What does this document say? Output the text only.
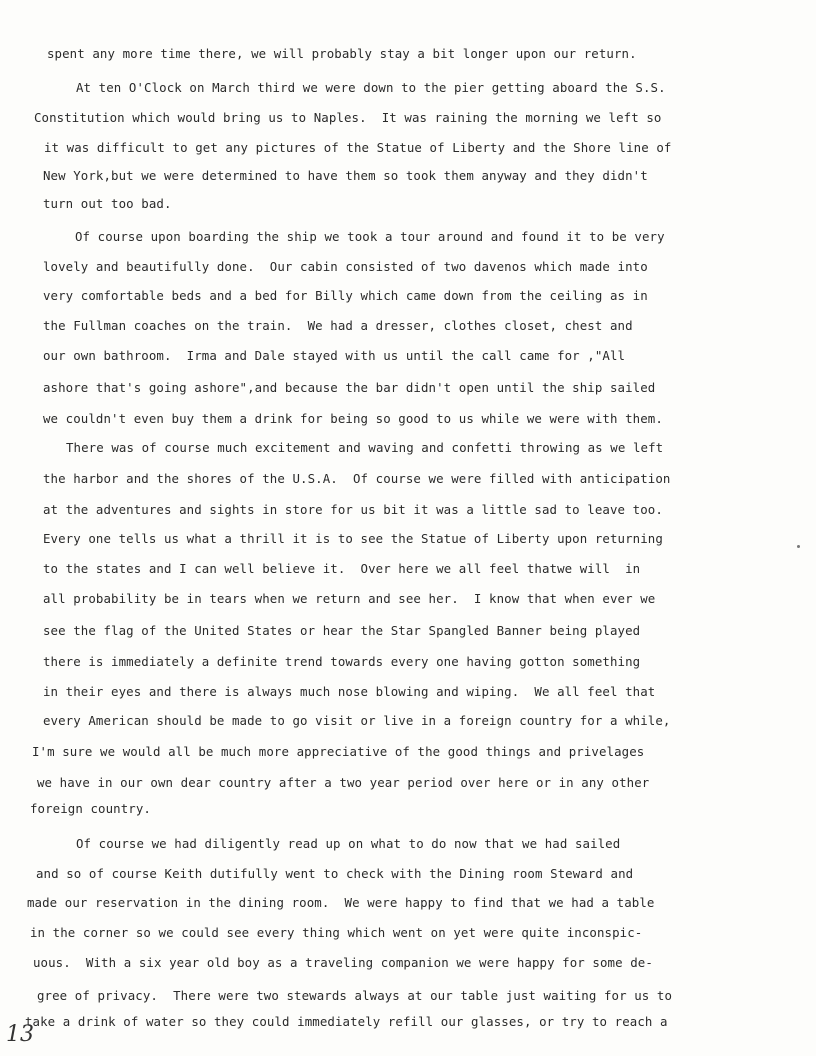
spent any more time there, we will probably stay a bit longer upon our return.
At ten O'Clock on March third we were down to the pier getting aboard the S.S.
Constitution which would bring us to Naples.  It was raining the morning we left so
it was difficult to get any pictures of the Statue of Liberty and the Shore line of
New York,but we were determined to have them so took them anyway and they didn't
turn out too bad.
Of course upon boarding the ship we took a tour around and found it to be very
lovely and beautifully done.  Our cabin consisted of two davenos which made into
very comfortable beds and a bed for Billy which came down from the ceiling as in
the Fullman coaches on the train.  We had a dresser, clothes closet, chest and
our own bathroom.  Irma and Dale stayed with us until the call came for ,"All
ashore that's going ashore",and because the bar didn't open until the ship sailed
we couldn't even buy them a drink for being so good to us while we were with them.
There was of course much excitement and waving and confetti throwing as we left
the harbor and the shores of the U.S.A.  Of course we were filled with anticipation
at the adventures and sights in store for us bit it was a little sad to leave too.
Every one tells us what a thrill it is to see the Statue of Liberty upon returning
to the states and I can well believe it.  Over here we all feel thatwe will  in
all probability be in tears when we return and see her.  I know that when ever we
see the flag of the United States or hear the Star Spangled Banner being played
there is immediately a definite trend towards every one having gotton something
in their eyes and there is always much nose blowing and wiping.  We all feel that
every American should be made to go visit or live in a foreign country for a while,
I'm sure we would all be much more appreciative of the good things and privelages
we have in our own dear country after a two year period over here or in any other
foreign country.
Of course we had diligently read up on what to do now that we had sailed
and so of course Keith dutifully went to check with the Dining room Steward and
made our reservation in the dining room.  We were happy to find that we had a table
in the corner so we could see every thing which went on yet were quite inconspic-
uous.  With a six year old boy as a traveling companion we were happy for some de-
gree of privacy.  There were two stewards always at our table just waiting for us to
take a drink of water so they could immediately refill our glasses, or try to reach a
13
